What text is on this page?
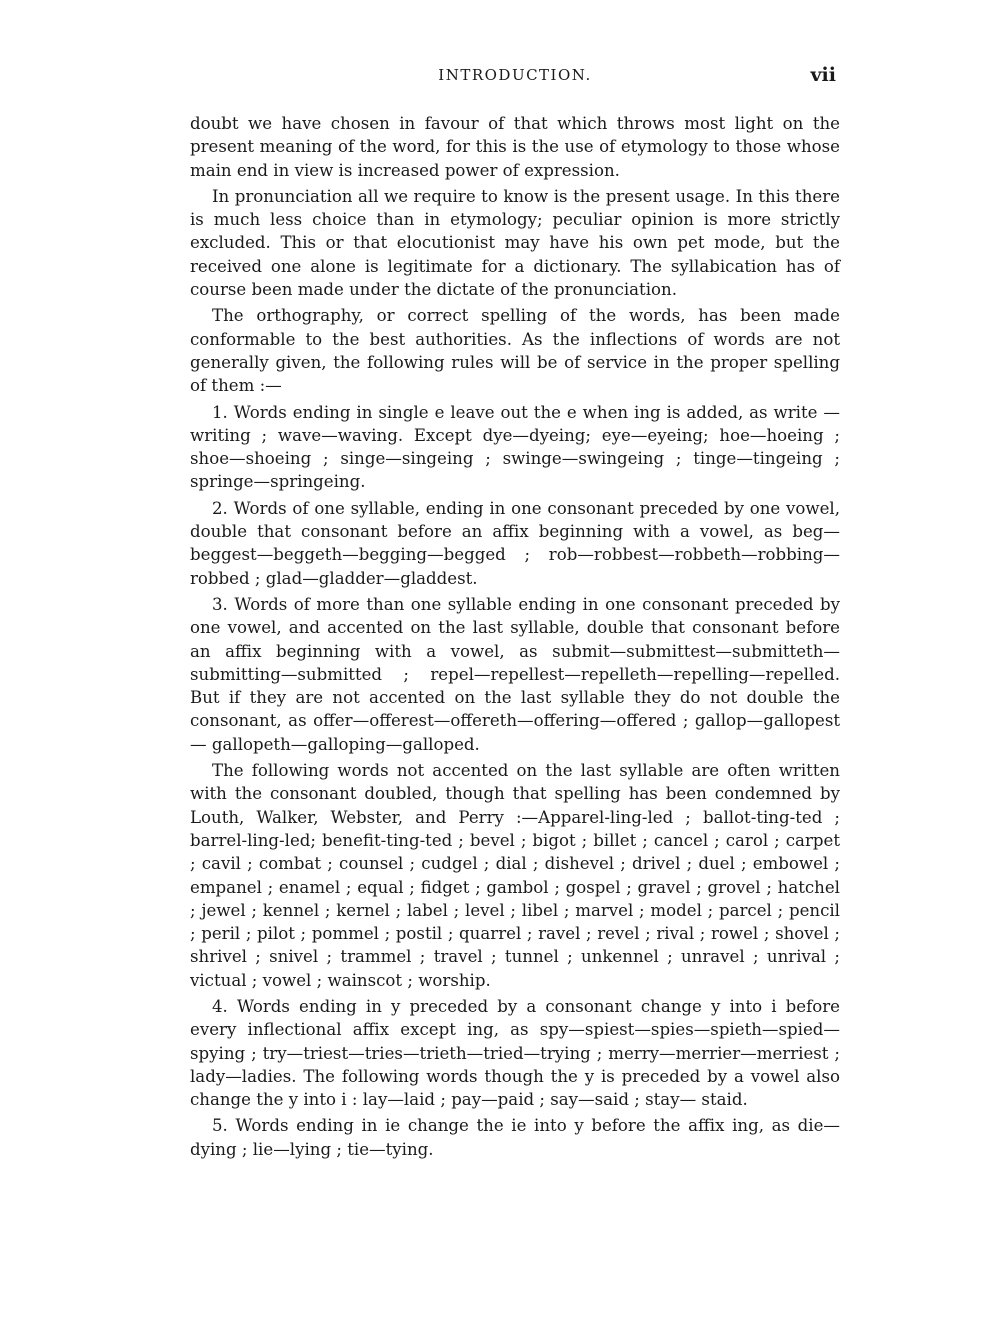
INTRODUCTION.	vii

doubt we have chosen in favour of that which throws most light on the present meaning of the word, for this is the use of etymology to those whose main end in view is increased power of expression.

In pronunciation all we require to know is the present usage. In this there is much less choice than in etymology; peculiar opinion is more strictly excluded. This or that elocutionist may have his own pet mode, but the received one alone is legitimate for a dictionary. The syllabication has of course been made under the dictate of the pronunciation.

The orthography, or correct spelling of the words, has been made conformable to the best authorities. As the inflections of words are not generally given, the following rules will be of service in the proper spelling of them :—

1. Words ending in single e leave out the e when ing is added, as write —writing ; wave—waving. Except dye—dyeing; eye—eyeing; hoe—hoeing ; shoe—shoeing ; singe—singeing ; swinge—swingeing ; tinge—tingeing ; springe—springeing.

2. Words of one syllable, ending in one consonant preceded by one vowel, double that consonant before an affix beginning with a vowel, as beg— beggest—beggeth—begging—begged ; rob—robbest—robbeth—robbing— robbed ; glad—gladder—gladdest.

3. Words of more than one syllable ending in one consonant preceded by one vowel, and accented on the last syllable, double that consonant before an affix beginning with a vowel, as submit—submittest—submitteth—submitting—submitted ; repel—repellest—repelleth—repelling—repelled. But if they are not accented on the last syllable they do not double the consonant, as offer—offerest—offereth—offering—offered ; gallop—gallopest— gallopeth—galloping—galloped.

The following words not accented on the last syllable are often written with the consonant doubled, though that spelling has been condemned by Louth, Walker, Webster, and Perry :—Apparel-ling-led ; ballot-ting-ted ; barrel-ling-led; benefit-ting-ted ; bevel ; bigot ; billet ; cancel ; carol ; carpet ; cavil ; combat ; counsel ; cudgel ; dial ; dishevel ; drivel ; duel ; embowel ; empanel ; enamel ; equal ; fidget ; gambol ; gospel ; gravel ; grovel ; hatchel ; jewel ; kennel ; kernel ; label ; level ; libel ; marvel ; model ; parcel ; pencil ; peril ; pilot ; pommel ; postil ; quarrel ; ravel ; revel ; rival ; rowel ; shovel ; shrivel ; snivel ; trammel ; travel ; tunnel ; unkennel ; unravel ; unrival ; victual ; vowel ; wainscot ; worship.

4. Words ending in y preceded by a consonant change y into i before every inflectional affix except ing, as spy—spiest—spies—spieth—spied— spying ; try—triest—tries—trieth—tried—trying ; merry—merrier—merriest ; lady—ladies. The following words though the y is preceded by a vowel also change the y into i : lay—laid ; pay—paid ; say—said ; stay— staid.

5. Words ending in ie change the ie into y before the affix ing, as die— dying ; lie—lying ; tie—tying.
